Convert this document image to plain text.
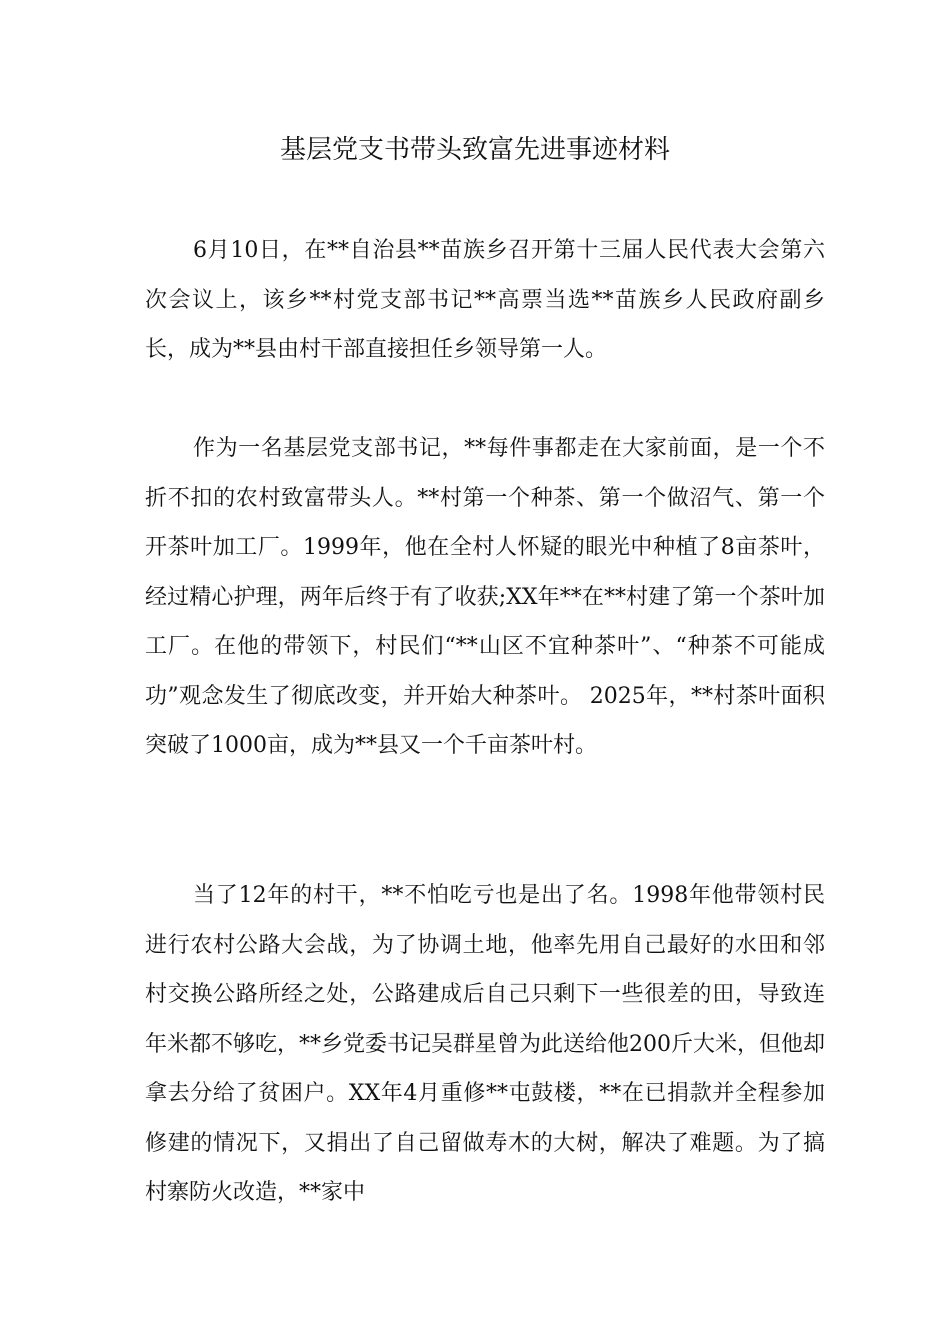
基层党支书带头致富先进事迹材料

6月10日，在**自治县**苗族乡召开第十三届人民代表大会第六次会议上，该乡**村党支部书记**高票当选**苗族乡人民政府副乡长，成为**县由村干部直接担任乡领导第一人。

作为一名基层党支部书记，**每件事都走在大家前面，是一个不折不扣的农村致富带头人。**村第一个种茶、第一个做沼气、第一个开茶叶加工厂。1999年，他在全村人怀疑的眼光中种植了8亩茶叶，经过精心护理，两年后终于有了收获;XX年**在**村建了第一个茶叶加工厂。在他的带领下，村民们“**山区不宜种茶叶”、“种茶不可能成功”观念发生了彻底改变，并开始大种茶叶。 2025年，**村茶叶面积突破了1000亩，成为**县又一个千亩茶叶村。

当了12年的村干，**不怕吃亏也是出了名。1998年他带领村民进行农村公路大会战，为了协调土地，他率先用自己最好的水田和邻村交换公路所经之处，公路建成后自己只剩下一些很差的田，导致连年米都不够吃，**乡党委书记吴群星曾为此送给他200斤大米，但他却拿去分给了贫困户。XX年4月重修**屯鼓楼，**在已捐款并全程参加修建的情况下，又捐出了自己留做寿木的大树，解决了难题。为了搞村寨防火改造，**家中
